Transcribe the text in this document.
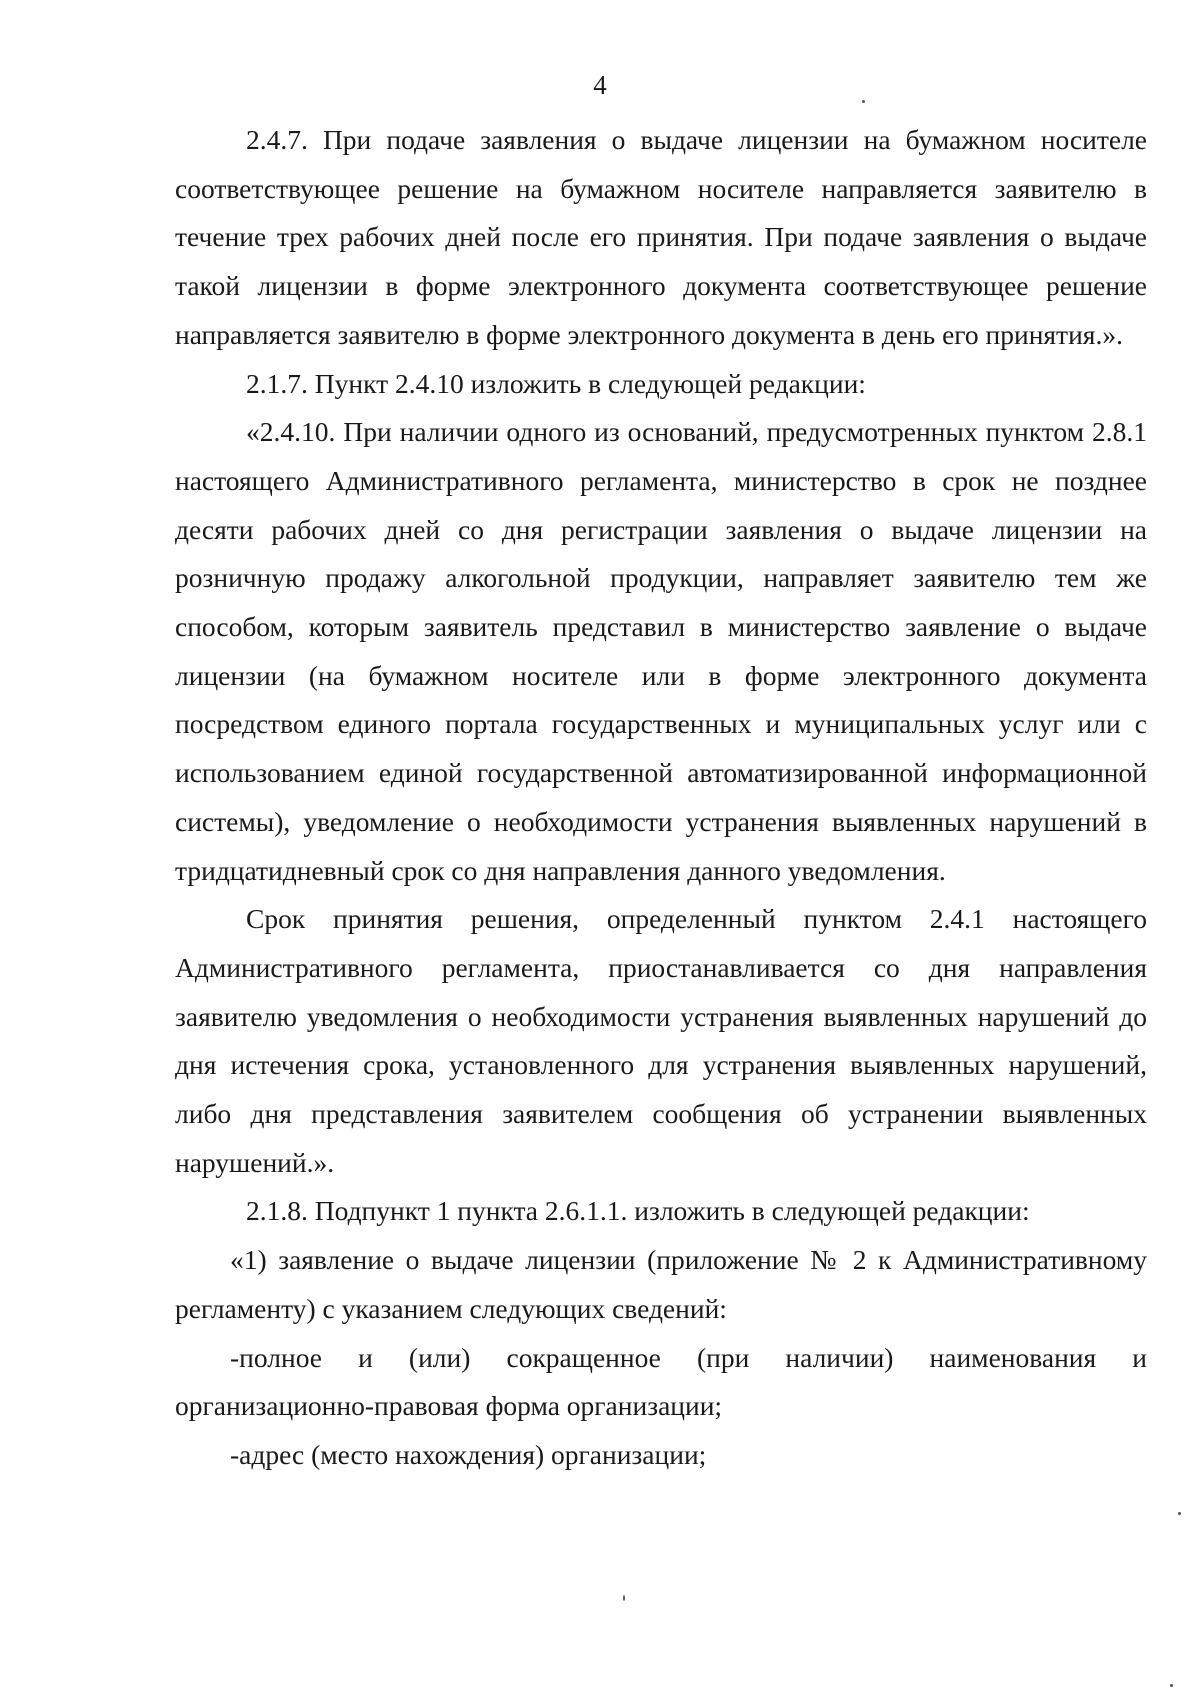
4

2.4.7. При подаче заявления о выдаче лицензии на бумажном носителе соответствующее решение на бумажном носителе направляется заявителю в течение трех рабочих дней после его принятия. При подаче заявления о выдаче такой лицензии в форме электронного документа соответствующее решение направляется заявителю в форме электронного документа в день его принятия.».

2.1.7. Пункт 2.4.10 изложить в следующей редакции:

«2.4.10. При наличии одного из оснований, предусмотренных пунктом 2.8.1 настоящего Административного регламента, министерство в срок не позднее десяти рабочих дней со дня регистрации заявления о выдаче лицензии на розничную продажу алкогольной продукции, направляет заявителю тем же способом, которым заявитель представил в министерство заявление о выдаче лицензии (на бумажном носителе или в форме электронного документа посредством единого портала государственных и муниципальных услуг или с использованием единой государственной автоматизированной информационной системы), уведомление о необходимости устранения выявленных нарушений в тридцатидневный срок со дня направления данного уведомления.

Срок принятия решения, определенный пунктом 2.4.1 настоящего Административного регламента, приостанавливается со дня направления заявителю уведомления о необходимости устранения выявленных нарушений до дня истечения срока, установленного для устранения выявленных нарушений, либо дня представления заявителем сообщения об устранении выявленных нарушений.».

2.1.8. Подпункт 1 пункта 2.6.1.1. изложить в следующей редакции:

«1) заявление о выдаче лицензии (приложение № 2 к Административному регламенту) с указанием следующих сведений:

-полное и (или) сокращенное (при наличии) наименования и организационно-правовая форма организации;

-адрес (место нахождения) организации;
